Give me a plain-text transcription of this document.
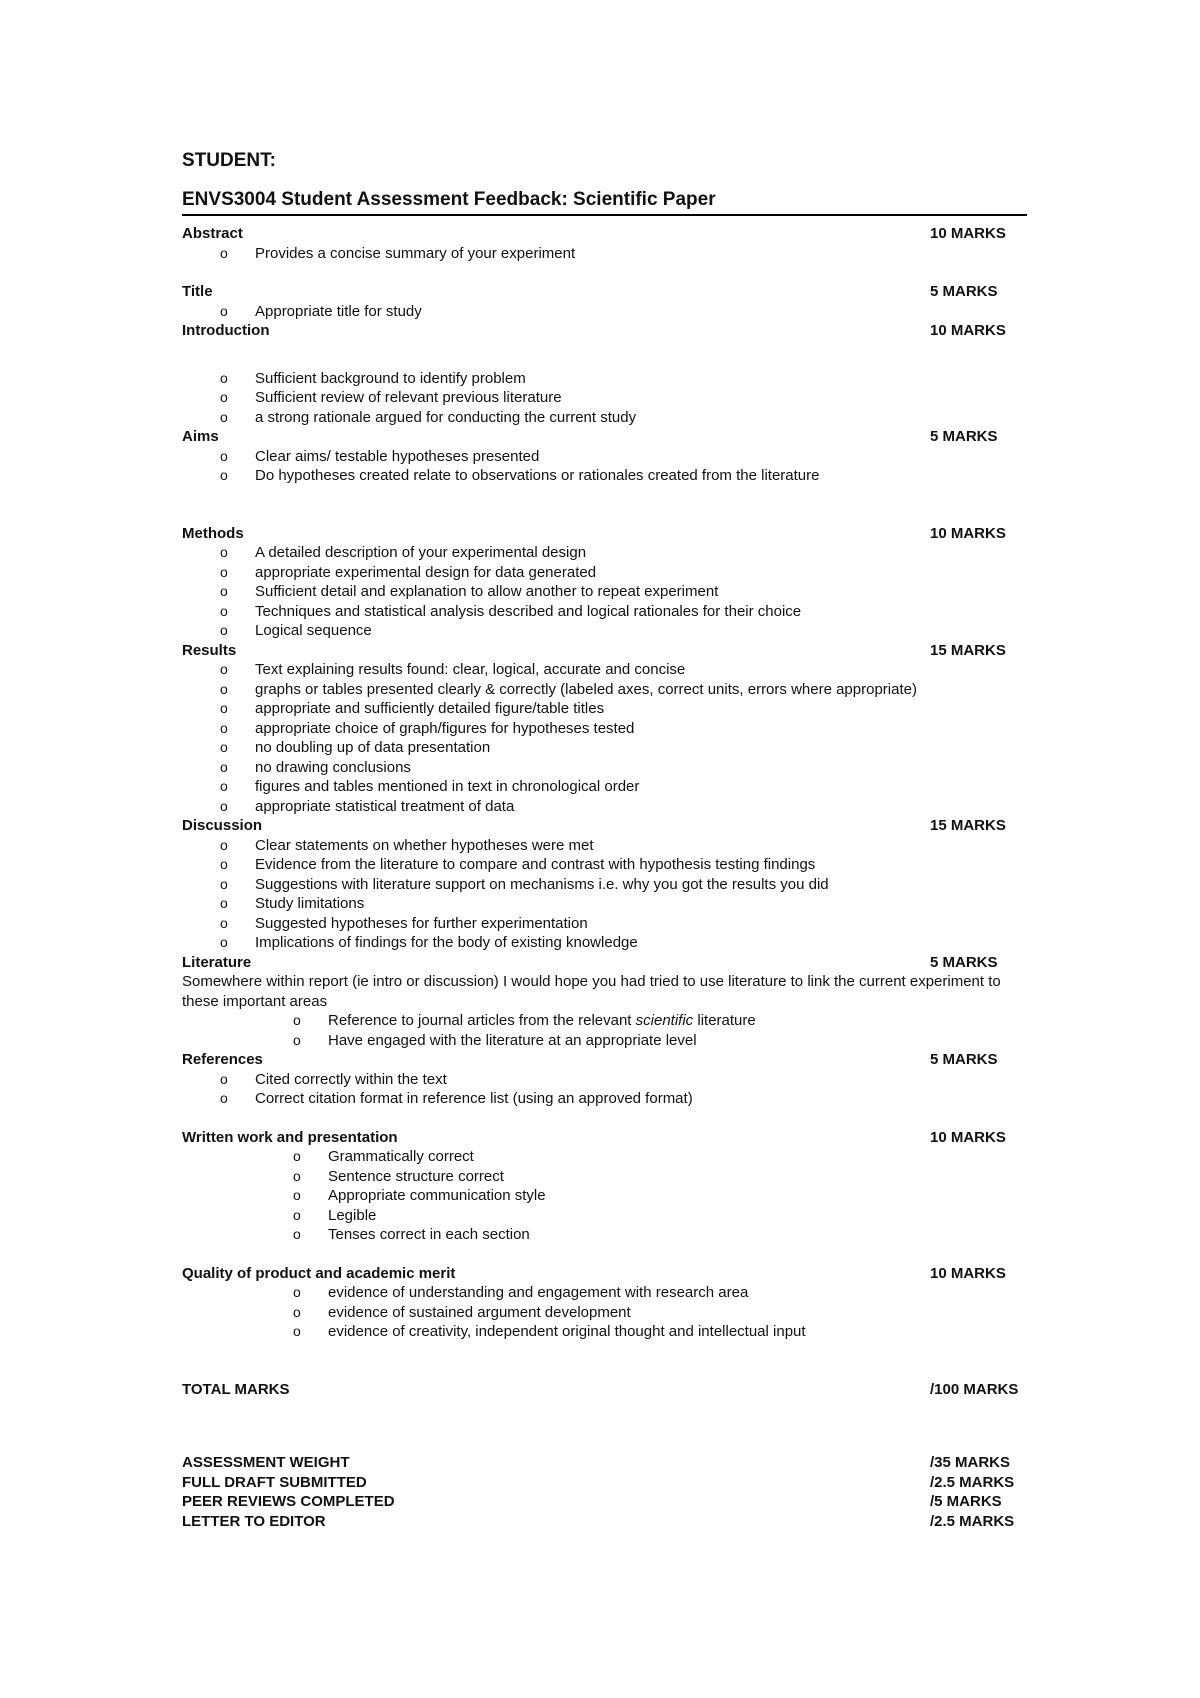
STUDENT:

ENVS3004 Student Assessment Feedback: Scientific Paper
Abstract	10 MARKS
o Provides a concise summary of your experiment
Title	5 MARKS
o Appropriate title for study
Introduction	10 MARKS
o Sufficient background to identify problem
o Sufficient review of relevant previous literature
o a strong rationale argued for conducting the current study
Aims	5 MARKS
o Clear aims/ testable hypotheses presented
o Do hypotheses created relate to observations or rationales created from the literature
Methods	10 MARKS
o A detailed description of your experimental design
o appropriate experimental design for data generated
o Sufficient detail and explanation to allow another to repeat experiment
o Techniques and statistical analysis described and logical rationales for their choice
o Logical sequence
Results	15 MARKS
o Text explaining results found: clear, logical, accurate and concise
o graphs or tables presented clearly & correctly (labeled axes, correct units, errors where appropriate)
o appropriate and sufficiently detailed figure/table titles
o appropriate choice of graph/figures for hypotheses tested
o no doubling up of data presentation
o no drawing conclusions
o figures and tables mentioned in text in chronological order
o appropriate statistical treatment of data
Discussion	15 MARKS
o Clear statements on whether hypotheses were met
o Evidence from the literature to compare and contrast with hypothesis testing findings
o Suggestions with literature support on mechanisms i.e. why you got the results you did
o Study limitations
o Suggested hypotheses for further experimentation
o Implications of findings for the body of existing knowledge
Literature	5 MARKS

Somewhere within report (ie intro or discussion) I would hope you had tried to use literature to link the current experiment to these important areas

o Reference to journal articles from the relevant scientific literature
o Have engaged with the literature at an appropriate level
References	5 MARKS
o Cited correctly within the text
o Correct citation format in reference list (using an approved format)
Written work and presentation	10 MARKS
o Grammatically correct
o Sentence structure correct
o Appropriate communication style
o Legible
o Tenses correct in each section
Quality of product and academic merit	10 MARKS
o evidence of understanding and engagement with research area
o evidence of sustained argument development
o evidence of creativity, independent original thought and intellectual input
TOTAL MARKS	/100 MARKS
ASSESSMENT WEIGHT	/35 MARKS
FULL DRAFT SUBMITTED	/2.5 MARKS
PEER REVIEWS COMPLETED	/5 MARKS
LETTER TO EDITOR	/2.5 MARKS
